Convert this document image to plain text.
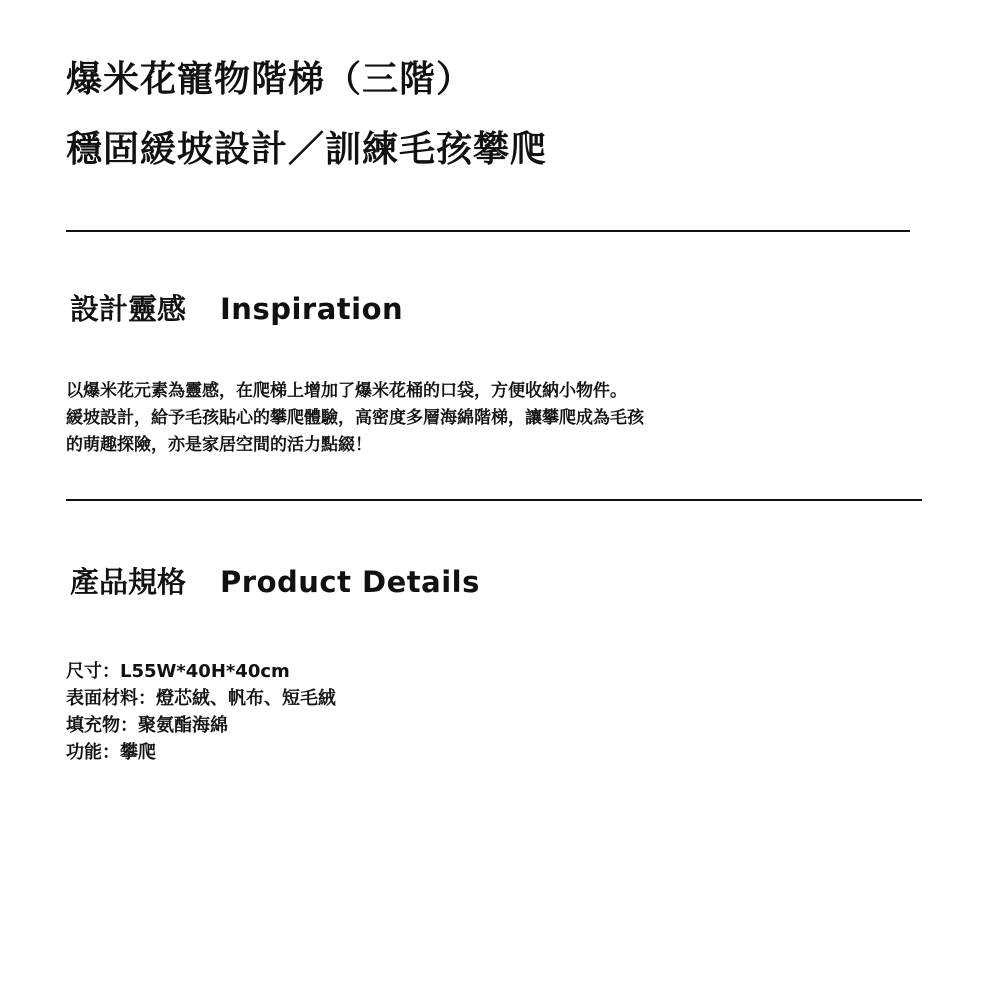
爆米花寵物階梯（三階）
穩固緩坡設計／訓練毛孩攀爬
設計靈感 Inspiration
以爆米花元素為靈感，在爬梯上增加了爆米花桶的口袋，方便收納小物件。
緩坡設計，給予毛孩貼心的攀爬體驗，高密度多層海綿階梯，讓攀爬成為毛孩
的萌趣探險，亦是家居空間的活力點綴！
產品規格 Product Details
尺寸：L55W*40H*40cm
表面材料：燈芯絨、帆布、短毛絨
填充物：聚氨酯海綿
功能：攀爬
